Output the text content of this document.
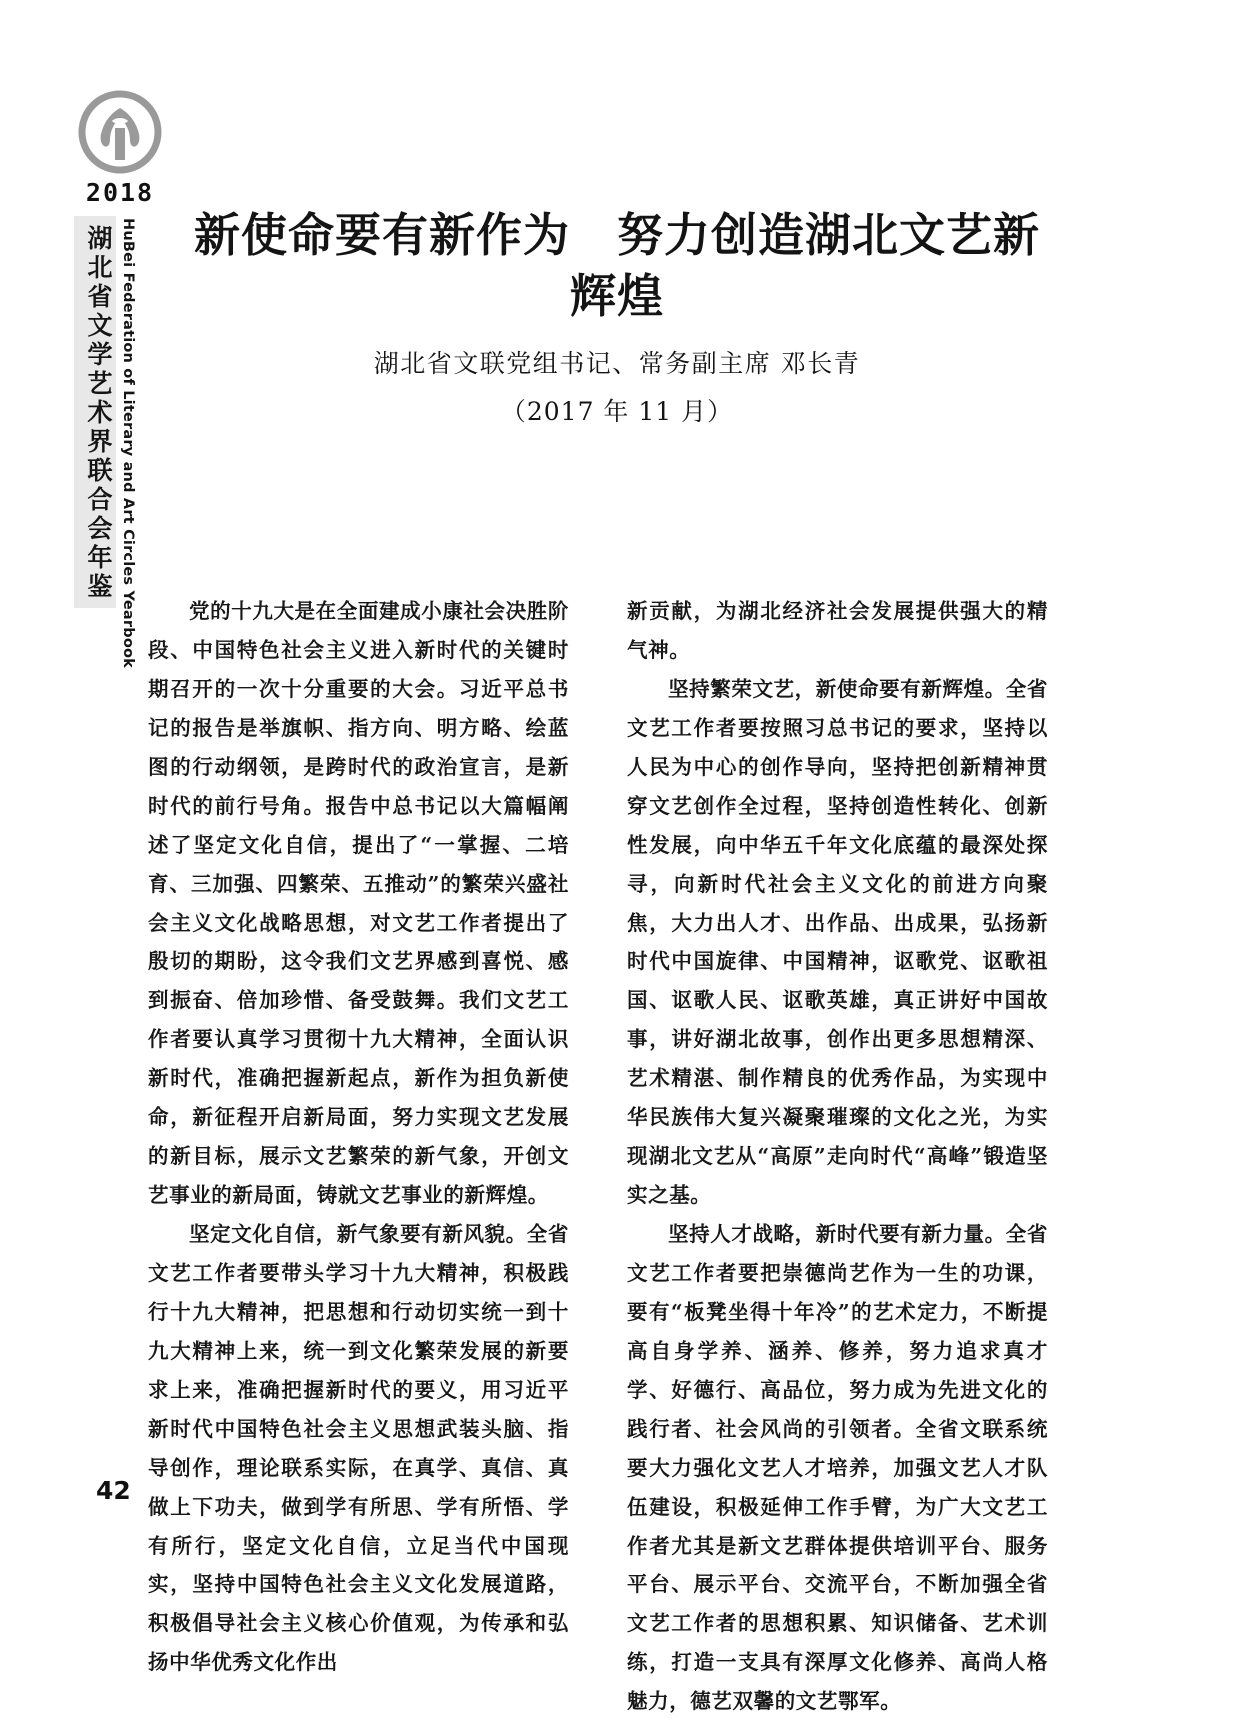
2018
湖北省文学艺术界联合会年鉴 HuBei Federation of Literary and Art Circles Yearbook 新使命要有新作为　努力创造湖北文艺新辉煌
湖北省文联党组书记、常务副主席 邓长青
（2017 年 11 月）

党的十九大是在全面建成小康社会决胜阶段、中国特色社会主义进入新时代的关键时期召开的一次十分重要的大会。习近平总书记的报告是举旗帜、指方向、明方略、绘蓝图的行动纲领，是跨时代的政治宣言，是新时代的前行号角。报告中总书记以大篇幅阐述了坚定文化自信，提出了“一掌握、二培育、三加强、四繁荣、五推动”的繁荣兴盛社会主义文化战略思想，对文艺工作者提出了殷切的期盼，这令我们文艺界感到喜悦、感到振奋、倍加珍惜、备受鼓舞。我们文艺工作者要认真学习贯彻十九大精神，全面认识新时代，准确把握新起点，新作为担负新使命，新征程开启新局面，努力实现文艺发展的新目标，展示文艺繁荣的新气象，开创文艺事业的新局面，铸就文艺事业的新辉煌。

坚定文化自信，新气象要有新风貌。全省文艺工作者要带头学习十九大精神，积极践行十九大精神，把思想和行动切实统一到十九大精神上来，统一到文化繁荣发展的新要求上来，准确把握新时代的要义，用习近平新时代中国特色社会主义思想武装头脑、指导创作，理论联系实际，在真学、真信、真做上下功夫，做到学有所思、学有所悟、学有所行，坚定文化自信，立足当代中国现实，坚持中国特色社会主义文化发展道路，积极倡导社会主义核心价值观，为传承和弘扬中华优秀文化作出

新贡献，为湖北经济社会发展提供强大的精气神。

坚持繁荣文艺，新使命要有新辉煌。全省文艺工作者要按照习总书记的要求，坚持以人民为中心的创作导向，坚持把创新精神贯穿文艺创作全过程，坚持创造性转化、创新性发展，向中华五千年文化底蕴的最深处探寻，向新时代社会主义文化的前进方向聚焦，大力出人才、出作品、出成果，弘扬新时代中国旋律、中国精神，讴歌党、讴歌祖国、讴歌人民、讴歌英雄，真正讲好中国故事，讲好湖北故事，创作出更多思想精深、艺术精湛、制作精良的优秀作品，为实现中华民族伟大复兴凝聚璀璨的文化之光，为实现湖北文艺从“高原”走向时代“高峰”锻造坚实之基。

坚持人才战略，新时代要有新力量。全省文艺工作者要把崇德尚艺作为一生的功课，要有“板凳坐得十年冷”的艺术定力，不断提高自身学养、涵养、修养，努力追求真才学、好德行、高品位，努力成为先进文化的践行者、社会风尚的引领者。全省文联系统要大力强化文艺人才培养，加强文艺人才队伍建设，积极延伸工作手臂，为广大文艺工作者尤其是新文艺群体提供培训平台、服务平台、展示平台、交流平台，不断加强全省文艺工作者的思想积累、知识储备、艺术训练，打造一支具有深厚文化修养、高尚人格魅力，德艺双馨的文艺鄂军。

42
